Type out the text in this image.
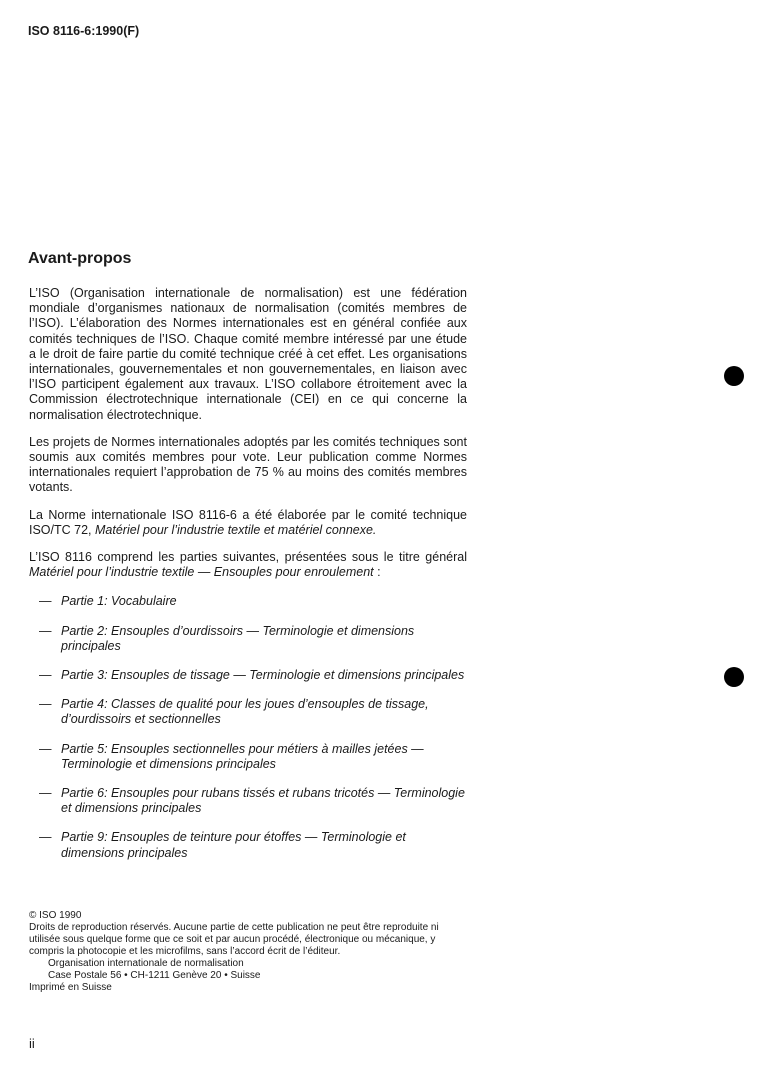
ISO 8116-6:1990(F)
Avant-propos

L’ISO (Organisation internationale de normalisation) est une fédération mondiale d’organismes nationaux de normalisation (comités membres de l’ISO). L’élaboration des Normes internationales est en général confiée aux comités techniques de l’ISO. Chaque comité membre intéressé par une étude a le droit de faire partie du comité technique créé à cet effet. Les organisations internationales, gouvernementales et non gouvernementales, en liaison avec l’ISO participent également aux travaux. L’ISO collabore étroitement avec la Commission électrotechnique internationale (CEI) en ce qui concerne la normalisation électrotechnique.

Les projets de Normes internationales adoptés par les comités techniques sont soumis aux comités membres pour vote. Leur publication comme Normes internationales requiert l’approbation de 75 % au moins des comités membres votants.

La Norme internationale ISO 8116-6 a été élaborée par le comité technique ISO/TC 72, Matériel pour l’industrie textile et matériel connexe.

L’ISO 8116 comprend les parties suivantes, présentées sous le titre général Matériel pour l’industrie textile — Ensouples pour enroulement :

— Partie 1: Vocabulaire
— Partie 2: Ensouples d’ourdissoirs — Terminologie et dimensions principales
— Partie 3: Ensouples de tissage — Terminologie et dimensions principales
— Partie 4: Classes de qualité pour les joues d’ensouples de tissage, d’ourdissoirs et sectionnelles
— Partie 5: Ensouples sectionnelles pour métiers à mailles jetées — Terminologie et dimensions principales
— Partie 6: Ensouples pour rubans tissés et rubans tricotés — Terminologie et dimensions principales
— Partie 9: Ensouples de teinture pour étoffes — Terminologie et dimensions principales
© ISO 1990
Droits de reproduction réservés. Aucune partie de cette publication ne peut être reproduite ni utilisée sous quelque forme que ce soit et par aucun procédé, électronique ou mécanique, y compris la photocopie et les microfilms, sans l’accord écrit de l’éditeur.
Organisation internationale de normalisation
Case Postale 56 • CH-1211 Genève 20 • Suisse
Imprimé en Suisse
ii
